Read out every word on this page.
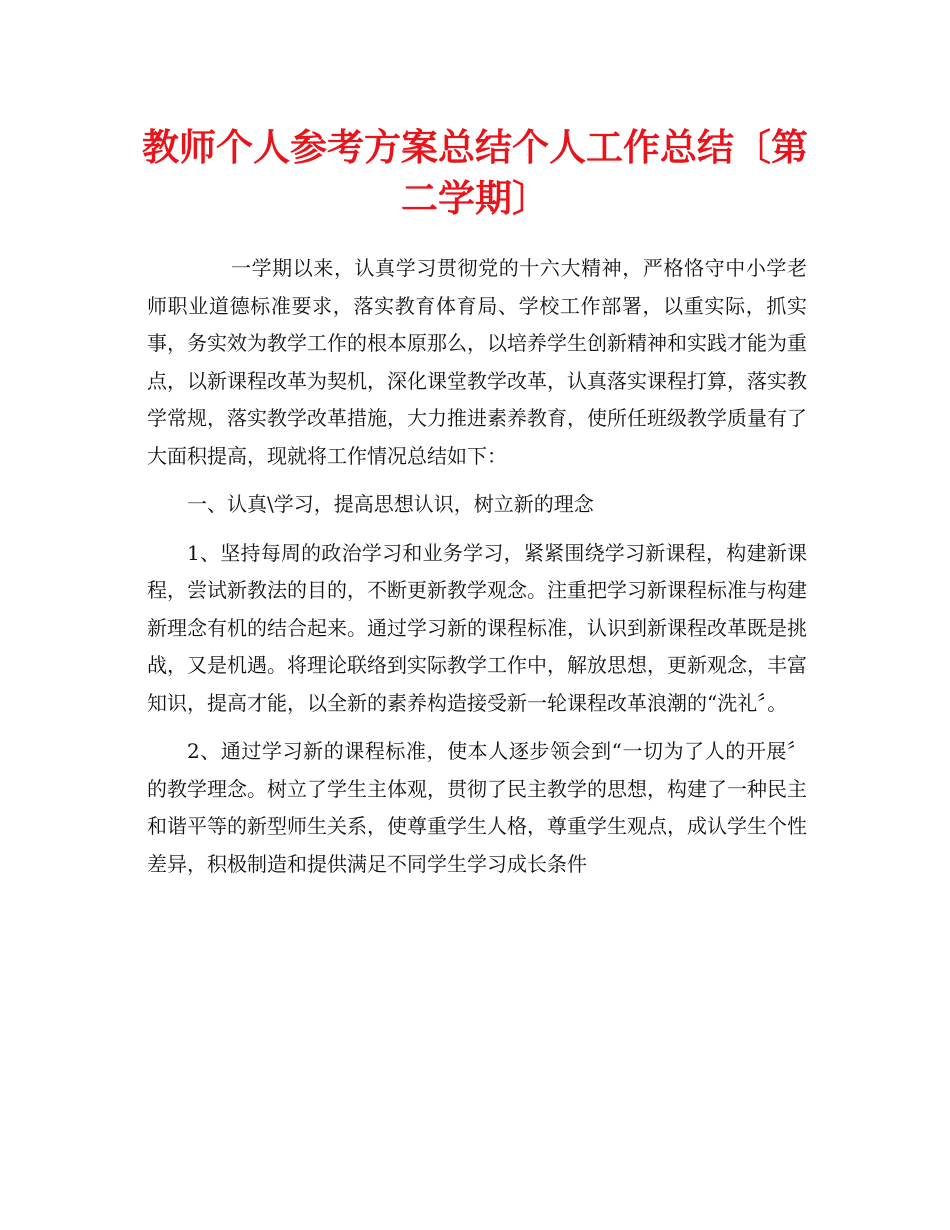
教师个人参考方案总结个人工作总结〔第二学期〕

一学期以来，认真学习贯彻党的十六大精神，严格恪守中小学老师职业道德标准要求，落实教育体育局、学校工作部署，以重实际，抓实事，务实效为教学工作的根本原那么，以培养学生创新精神和实践才能为重点，以新课程改革为契机，深化课堂教学改革，认真落实课程打算，落实教学常规，落实教学改革措施，大力推进素养教育，使所任班级教学质量有了大面积提高，现就将工作情况总结如下：

一、认真\学习，提高思想认识，树立新的理念

1、坚持每周的政治学习和业务学习，紧紧围绕学习新课程，构建新课程，尝试新教法的目的，不断更新教学观念。注重把学习新课程标准与构建新理念有机的结合起来。通过学习新的课程标准，认识到新课程改革既是挑战，又是机遇。将理论联络到实际教学工作中，解放思想，更新观念，丰富知识，提高才能，以全新的素养构造接受新一轮课程改革浪潮的“洗礼〞。

2、通过学习新的课程标准，使本人逐步领会到“一切为了人的开展〞的教学理念。树立了学生主体观，贯彻了民主教学的思想，构建了一种民主和谐平等的新型师生关系，使尊重学生人格，尊重学生观点，成认学生个性差异，积极制造和提供满足不同学生学习成长条件
